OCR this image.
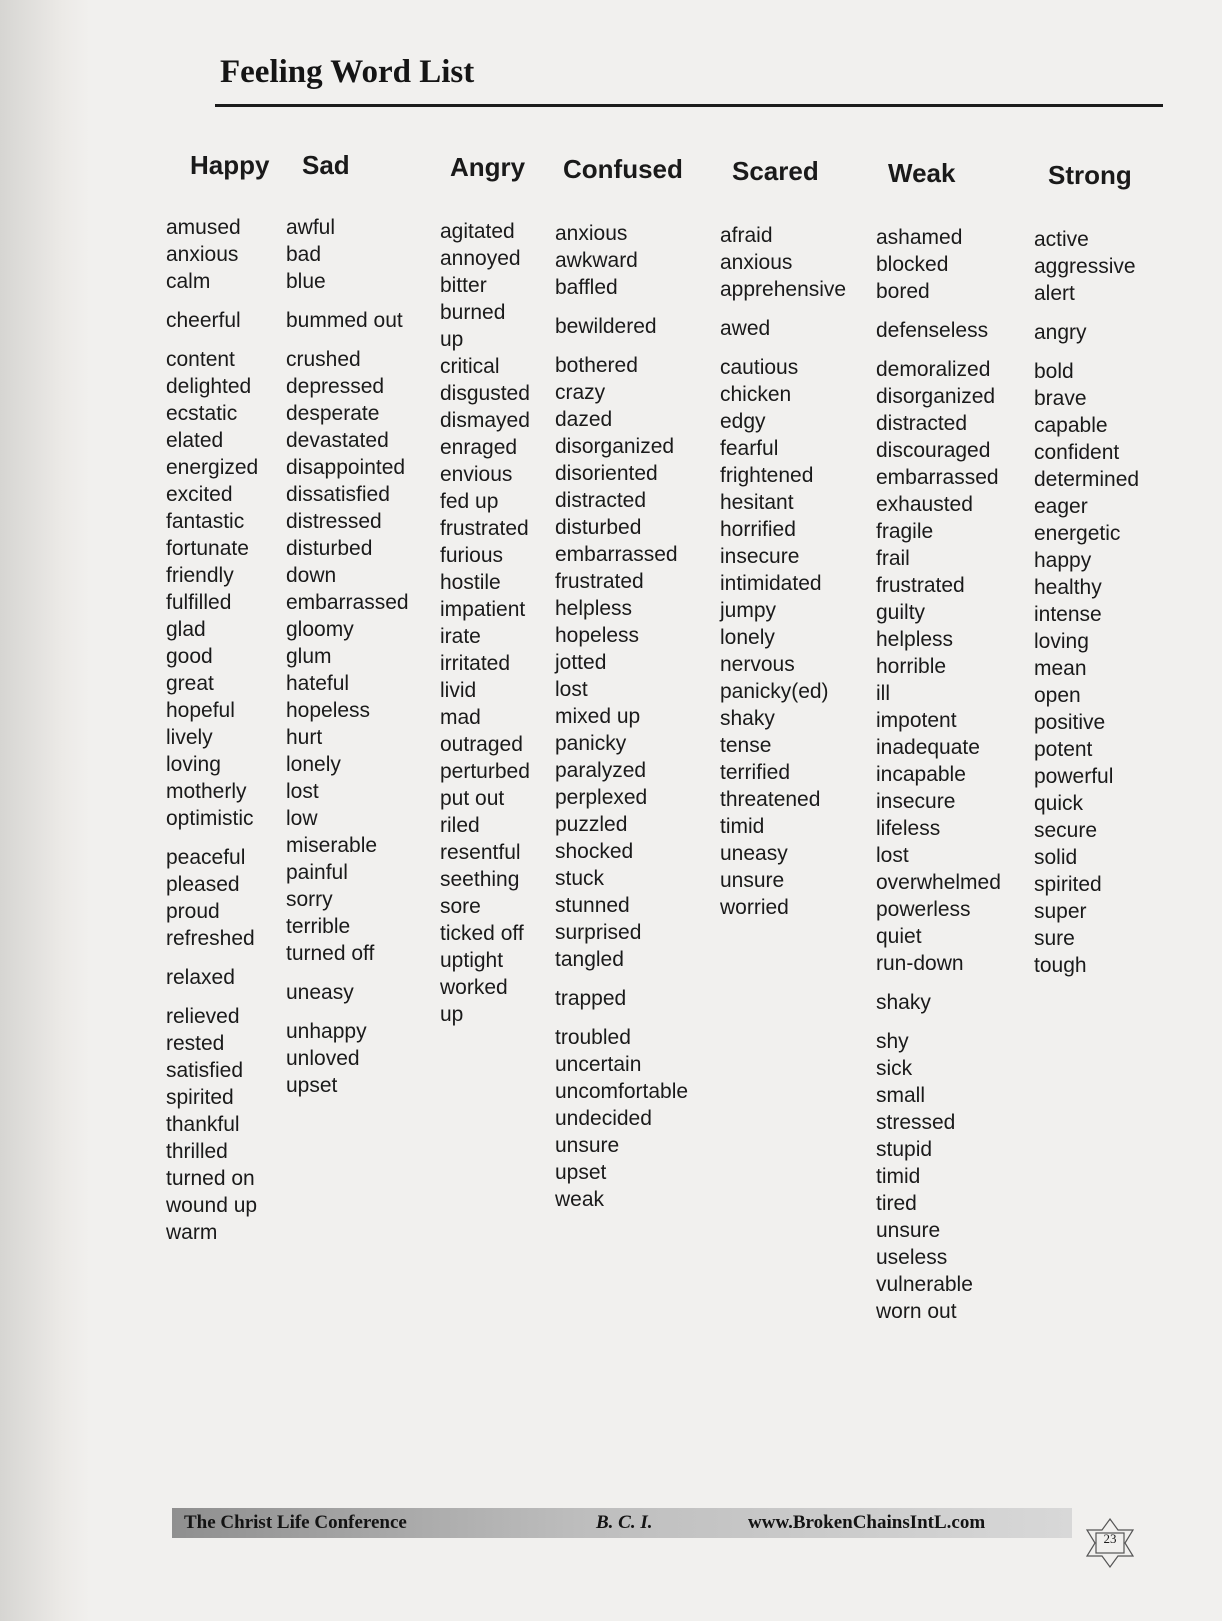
Feeling Word List
Happy
amused
anxious
calm
cheerful
content
delighted
ecstatic
elated
energized
excited
fantastic
fortunate
friendly
fulfilled
glad
good
great
hopeful
lively
loving
motherly
optimistic
peaceful
pleased
proud
refreshed
relaxed
relieved
rested
satisfied
spirited
thankful
thrilled
turned on
wound up
warm
Sad
awful
bad
blue
bummed out
crushed
depressed
desperate
devastated
disappointed
dissatisfied
distressed
disturbed
down
embarrassed
gloomy
glum
hateful
hopeless
hurt
lonely
lost
low
miserable
painful
sorry
terrible
turned off
uneasy
unhappy
unloved
upset
Angry
agitated
annoyed
bitter
burned
up
critical
disgusted
dismayed
enraged
envious
fed up
frustrated
furious
hostile
impatient
irate
irritated
livid
mad
outraged
perturbed
put out
riled
resentful
seething
sore
ticked off
uptight
worked
up
Confused
anxious
awkward
baffled
bewildered
bothered
crazy
dazed
disorganized
disoriented
distracted
disturbed
embarrassed
frustrated
helpless
hopeless
jotted
lost
mixed up
panicky
paralyzed
perplexed
puzzled
shocked
stuck
stunned
surprised
tangled
trapped
troubled
uncertain
uncomfortable
undecided
unsure
upset
weak
Scared
afraid
anxious
apprehensive
awed
cautious
chicken
edgy
fearful
frightened
hesitant
horrified
insecure
intimidated
jumpy
lonely
nervous
panicky(ed)
shaky
tense
terrified
threatened
timid
uneasy
unsure
worried
Weak
ashamed
blocked
bored
defenseless
demoralized
disorganized
distracted
discouraged
embarrassed
exhausted
fragile
frail
frustrated
guilty
helpless
horrible
ill
impotent
inadequate
incapable
insecure
lifeless
lost
overwhelmed
powerless
quiet
run-down
shaky
shy
sick
small
stressed
stupid
timid
tired
unsure
useless
vulnerable
worn out
Strong
active
aggressive
alert
angry
bold
brave
capable
confident
determined
eager
energetic
happy
healthy
intense
loving
mean
open
positive
potent
powerful
quick
secure
solid
spirited
super
sure
tough
The Christ Life Conference	B. C. I.	www.BrokenChainsIntL.com
23
